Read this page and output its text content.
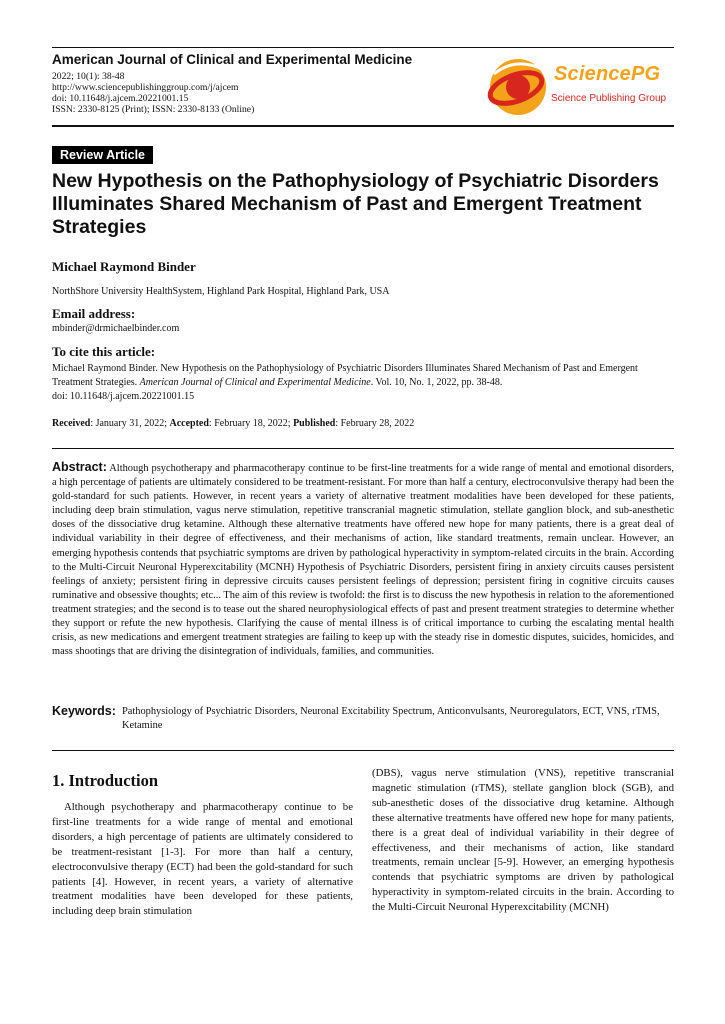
American Journal of Clinical and Experimental Medicine
2022; 10(1): 38-48
http://www.sciencepublishinggroup.com/j/ajcem
doi: 10.11648/j.ajcem.20221001.15
ISSN: 2330-8125 (Print); ISSN: 2330-8133 (Online)
SciencePG
Science Publishing Group
Review Article
New Hypothesis on the Pathophysiology of Psychiatric Disorders Illuminates Shared Mechanism of Past and Emergent Treatment Strategies
Michael Raymond Binder
NorthShore University HealthSystem, Highland Park Hospital, Highland Park, USA
Email address:
mbinder@drmichaelbinder.com
To cite this article:
Michael Raymond Binder. New Hypothesis on the Pathophysiology of Psychiatric Disorders Illuminates Shared Mechanism of Past and Emergent Treatment Strategies. American Journal of Clinical and Experimental Medicine. Vol. 10, No. 1, 2022, pp. 38-48.
doi: 10.11648/j.ajcem.20221001.15
Received: January 31, 2022; Accepted: February 18, 2022; Published: February 28, 2022

Abstract: Although psychotherapy and pharmacotherapy continue to be first-line treatments for a wide range of mental and emotional disorders, a high percentage of patients are ultimately considered to be treatment-resistant. For more than half a century, electroconvulsive therapy had been the gold-standard for such patients. However, in recent years a variety of alternative treatment modalities have been developed for these patients, including deep brain stimulation, vagus nerve stimulation, repetitive transcranial magnetic stimulation, stellate ganglion block, and sub-anesthetic doses of the dissociative drug ketamine. Although these alternative treatments have offered new hope for many patients, there is a great deal of individual variability in their degree of effectiveness, and their mechanisms of action, like standard treatments, remain unclear. However, an emerging hypothesis contends that psychiatric symptoms are driven by pathological hyperactivity in symptom-related circuits in the brain. According to the Multi-Circuit Neuronal Hyperexcitability (MCNH) Hypothesis of Psychiatric Disorders, persistent firing in anxiety circuits causes persistent feelings of anxiety; persistent firing in depressive circuits causes persistent feelings of depression; persistent firing in cognitive circuits causes ruminative and obsessive thoughts; etc... The aim of this review is twofold: the first is to discuss the new hypothesis in relation to the aforementioned treatment strategies; and the second is to tease out the shared neurophysiological effects of past and present treatment strategies to determine whether they support or refute the new hypothesis. Clarifying the cause of mental illness is of critical importance to curbing the escalating mental health crisis, as new medications and emergent treatment strategies are failing to keep up with the steady rise in domestic disputes, suicides, homicides, and mass shootings that are driving the disintegration of individuals, families, and communities.

Keywords: Pathophysiology of Psychiatric Disorders, Neuronal Excitability Spectrum, Anticonvulsants, Neuroregulators, ECT, VNS, rTMS, Ketamine
1. Introduction

Although psychotherapy and pharmacotherapy continue to be first-line treatments for a wide range of mental and emotional disorders, a high percentage of patients are ultimately considered to be treatment-resistant [1-3]. For more than half a century, electroconvulsive therapy (ECT) had been the gold-standard for such patients [4]. However, in recent years, a variety of alternative treatment modalities have been developed for these patients, including deep brain stimulation

(DBS), vagus nerve stimulation (VNS), repetitive transcranial magnetic stimulation (rTMS), stellate ganglion block (SGB), and sub-anesthetic doses of the dissociative drug ketamine. Although these alternative treatments have offered new hope for many patients, there is a great deal of individual variability in their degree of effectiveness, and their mechanisms of action, like standard treatments, remain unclear [5-9]. However, an emerging hypothesis contends that psychiatric symptoms are driven by pathological hyperactivity in symptom-related circuits in the brain. According to the Multi-Circuit Neuronal Hyperexcitability (MCNH)
